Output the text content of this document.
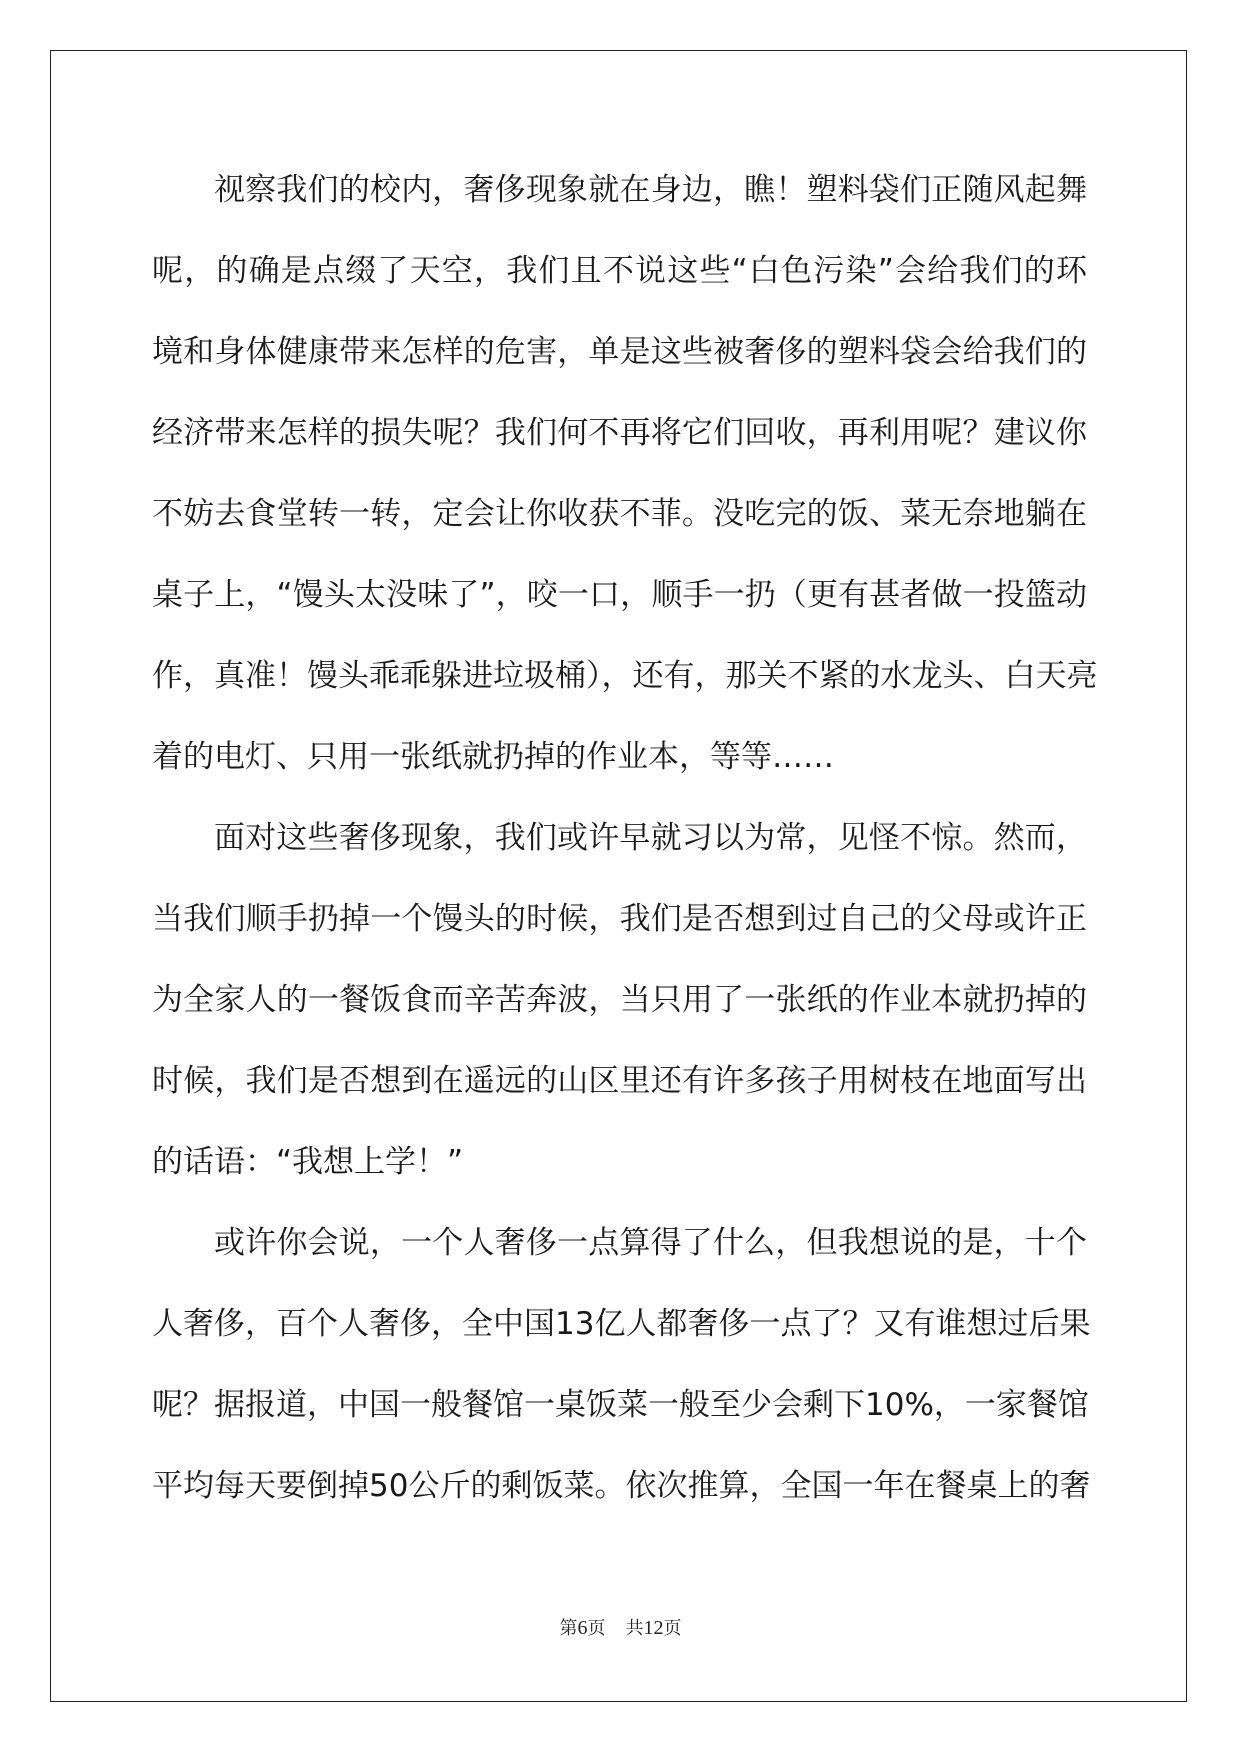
视察我们的校内，奢侈现象就在身边，瞧！塑料袋们正随风起舞
呢，的确是点缀了天空，我们且不说这些“白色污染”会给我们的环
境和身体健康带来怎样的危害，单是这些被奢侈的塑料袋会给我们的
经济带来怎样的损失呢？我们何不再将它们回收，再利用呢？建议你
不妨去食堂转一转，定会让你收获不菲。没吃完的饭、菜无奈地躺在
桌子上，“馒头太没味了”，咬一口，顺手一扔（更有甚者做一投篮动
作，真准！馒头乖乖躲进垃圾桶），还有，那关不紧的水龙头、白天亮
着的电灯、只用一张纸就扔掉的作业本，等等……
面对这些奢侈现象，我们或许早就习以为常，见怪不惊。然而，
当我们顺手扔掉一个馒头的时候，我们是否想到过自己的父母或许正
为全家人的一餐饭食而辛苦奔波，当只用了一张纸的作业本就扔掉的
时候，我们是否想到在遥远的山区里还有许多孩子用树枝在地面写出
的话语：“我想上学！”
或许你会说，一个人奢侈一点算得了什么，但我想说的是，十个
人奢侈，百个人奢侈，全中国13亿人都奢侈一点了？又有谁想过后果
呢？据报道，中国一般餐馆一桌饭菜一般至少会剩下10%，一家餐馆
平均每天要倒掉50公斤的剩饭菜。依次推算，全国一年在餐桌上的奢
第6页 共12页
